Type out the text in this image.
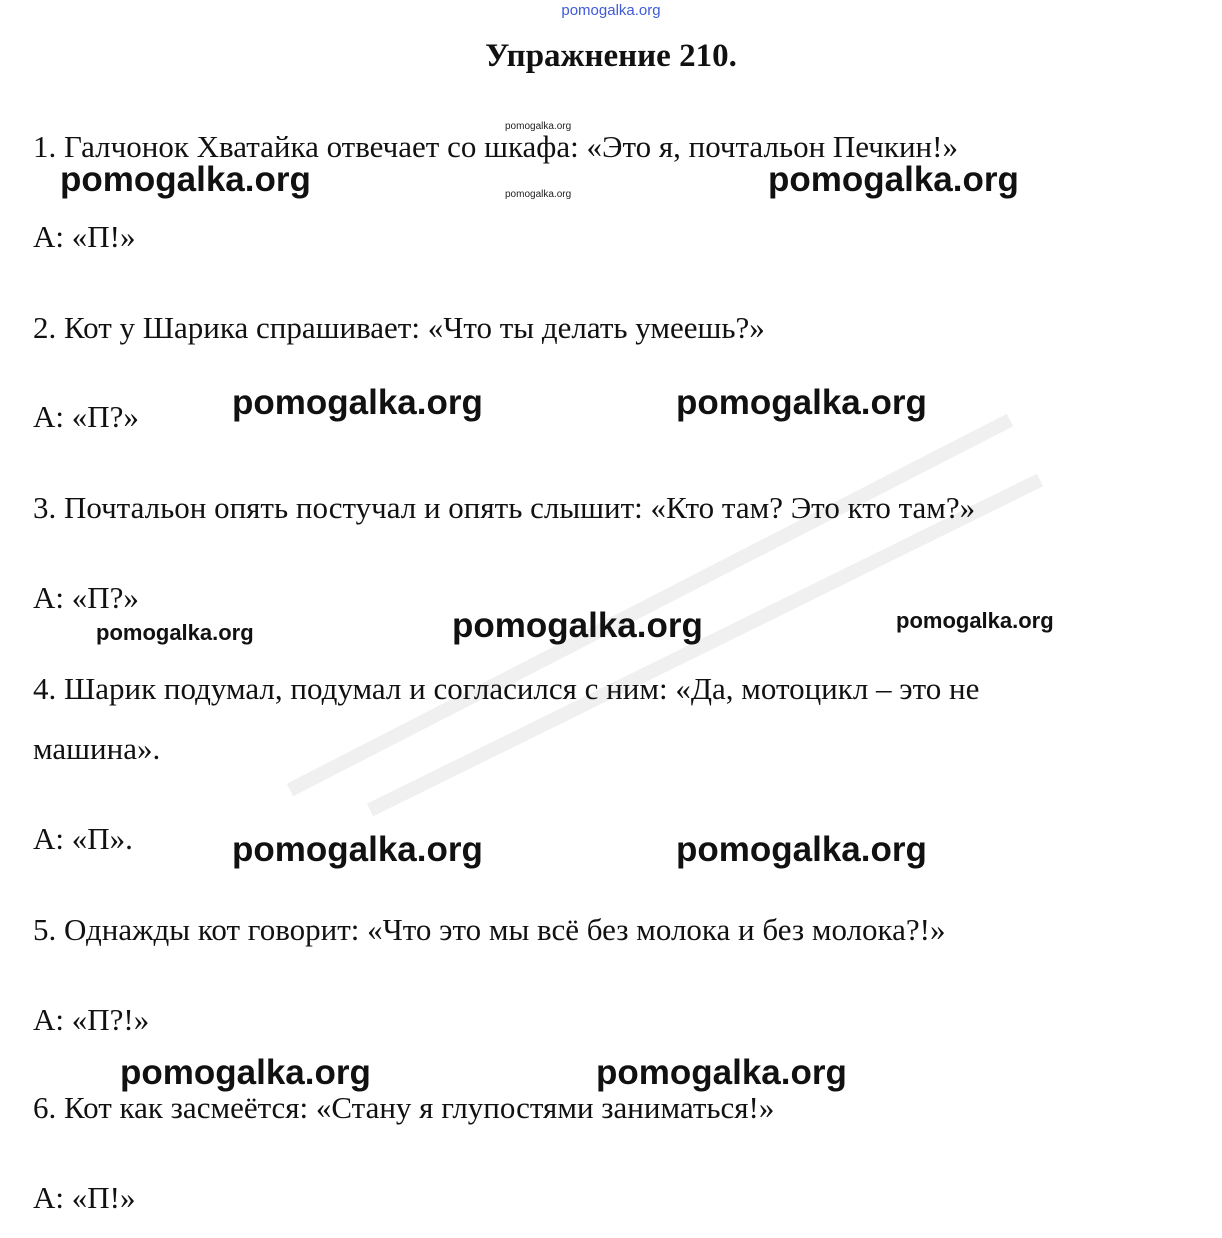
pomogalka.org
Упражнение 210.
1. Галчонок Хватайка отвечает со шкафа: «Это я, почтальон Печкин!»
А: «П!»
2. Кот у Шарика спрашивает: «Что ты делать умеешь?»
А: «П?»
3. Почтальон опять постучал и опять слышит: «Кто там? Это кто там?»
А: «П?»
4. Шарик подумал, подумал и согласился с ним: «Да, мотоцикл – это не
машина».
А: «П».
5. Однажды кот говорит: «Что это мы всё без молока и без молока?!»
А: «П?!»
6. Кот как засмеётся: «Стану я глупостями заниматься!»
А: «П!»
pomogalka.org
pomogalka.org
pomogalka.org	pomogalka.org
pomogalka.org	pomogalka.org
pomogalka.org	pomogalka.org	pomogalka.org
pomogalka.org	pomogalka.org
pomogalka.org	pomogalka.org
